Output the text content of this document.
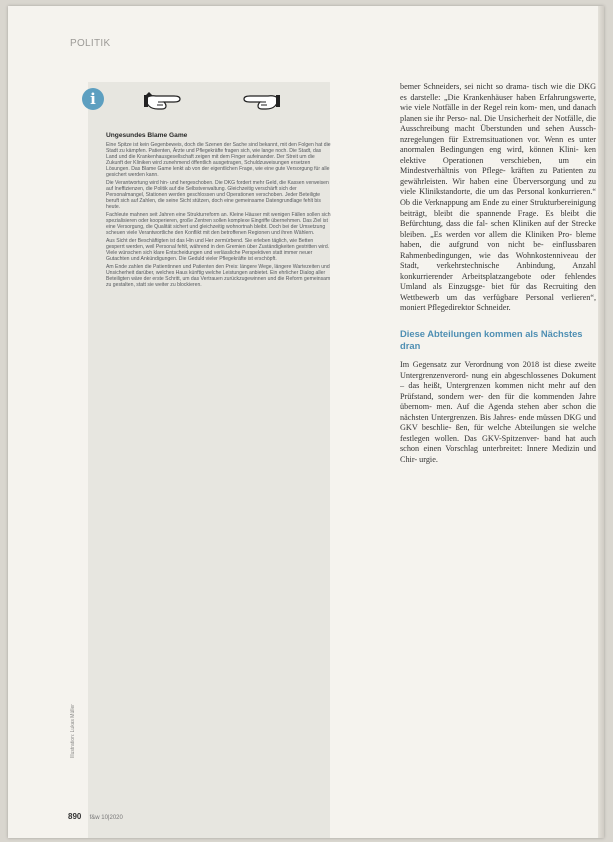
POLITIK
i
Ungesundes Blame Game

Eine Spitze ist kein Gegenbeweis, doch die Szenen der Sache sind bekannt, mit den Folgen hat die Stadt zu kämpfen. Patienten, Ärzte und Pflegekräfte fragen sich, wie lange noch. Die Stadt, das Land und die Krankenhausgesellschaft zeigen mit dem Finger aufeinander. Der Streit um die Zukunft der Kliniken wird zunehmend öffentlich ausgetragen, Schuldzuweisungen ersetzen Lösungen. Das Blame Game lenkt ab von der eigentlichen Frage, wie eine gute Versorgung für alle gesichert werden kann.

Die Verantwortung wird hin- und hergeschoben. Die DKG fordert mehr Geld, die Kassen verweisen auf Ineffizienzen, die Politik auf die Selbstverwaltung. Gleichzeitig verschärft sich der Personalmangel, Stationen werden geschlossen und Operationen verschoben. Jeder Beteiligte beruft sich auf Zahlen, die seine Sicht stützen, doch eine gemeinsame Datengrundlage fehlt bis heute.

Fachleute mahnen seit Jahren eine Strukturreform an. Kleine Häuser mit wenigen Fällen sollen sich spezialisieren oder kooperieren, große Zentren sollen komplexe Eingriffe übernehmen. Das Ziel ist eine Versorgung, die Qualität sichert und gleichzeitig wohnortnah bleibt. Doch bei der Umsetzung scheuen viele Verantwortliche den Konflikt mit den betroffenen Regionen und ihren Wählern.

Aus Sicht der Beschäftigten ist das Hin und Her zermürbend. Sie erleben täglich, wie Betten gesperrt werden, weil Personal fehlt, während in den Gremien über Zuständigkeiten gestritten wird. Viele wünschen sich klare Entscheidungen und verlässliche Perspektiven statt immer neuer Gutachten und Ankündigungen. Die Geduld vieler Pflegekräfte ist erschöpft.

Am Ende zahlen die Patientinnen und Patienten den Preis: längere Wege, längere Wartezeiten und Unsicherheit darüber, welches Haus künftig welche Leistungen anbietet. Ein ehrlicher Dialog aller Beteiligten wäre der erste Schritt, um das Vertrauen zurückzugewinnen und die Reform gemeinsam zu gestalten, statt sie weiter zu blockieren.

Illustration: Lukas Müller

bemer Schneiders, sei nicht so drama- tisch wie die DKG es darstelle: „Die Krankenhäuser haben Erfahrungswerte, wie viele Notfälle in der Regel rein kom- men, und danach planen sie ihr Perso- nal. Die Unsicherheit der Notfälle, die Ausschreibung macht Überstunden und sehen Aussch- nzregelungen für Extremsituationen vor. Wenn es unter anormalen Bedingungen eng wird, können Klini- ken elektive Operationen verschieben, um ein Mindestverhältnis von Pflege- kräften zu Patienten zu gewährleisten. Wir haben eine Überversorgung und zu viele Klinikstandorte, die um das Personal konkurrieren.“ Ob die Verknappung am Ende zu einer Strukturbereinigung beiträgt, bleibt die spannende Frage. Es bleibt die Befürchtung, dass die fal- schen Kliniken auf der Strecke bleiben. „Es werden vor allem die Kliniken Pro- bleme haben, die aufgrund von nicht be- einflussbaren Rahmenbedingungen, wie das Wohnkostenniveau der Stadt, verkehrstechnische Anbindung, Anzahl konkurrierender Arbeitsplatzangebote oder fehlendes Umland als Einzugsge- biet für das Recruiting den Wettbewerb um das verfügbare Personal verlieren“, moniert Pflegedirektor Schneider.

Diese Abteilungen kommen als Nächstes dran

Im Gegensatz zur Verordnung von 2018 ist diese zweite Untergrenzenverord- nung ein abgeschlossenes Dokument – das heißt, Untergrenzen kommen nicht mehr auf den Prüfstand, sondern wer- den für die kommenden Jahre übernom- men. Auf die Agenda stehen aber schon die nächsten Untergrenzen. Bis Jahres- ende müssen DKG und GKV beschlie- ßen, für welche Abteilungen sie welche festlegen wollen. Das GKV-Spitzenver- band hat auch schon einen Vorschlag unterbreitet: Innere Medizin und Chir- urgie.

890 f&w 10|2020
